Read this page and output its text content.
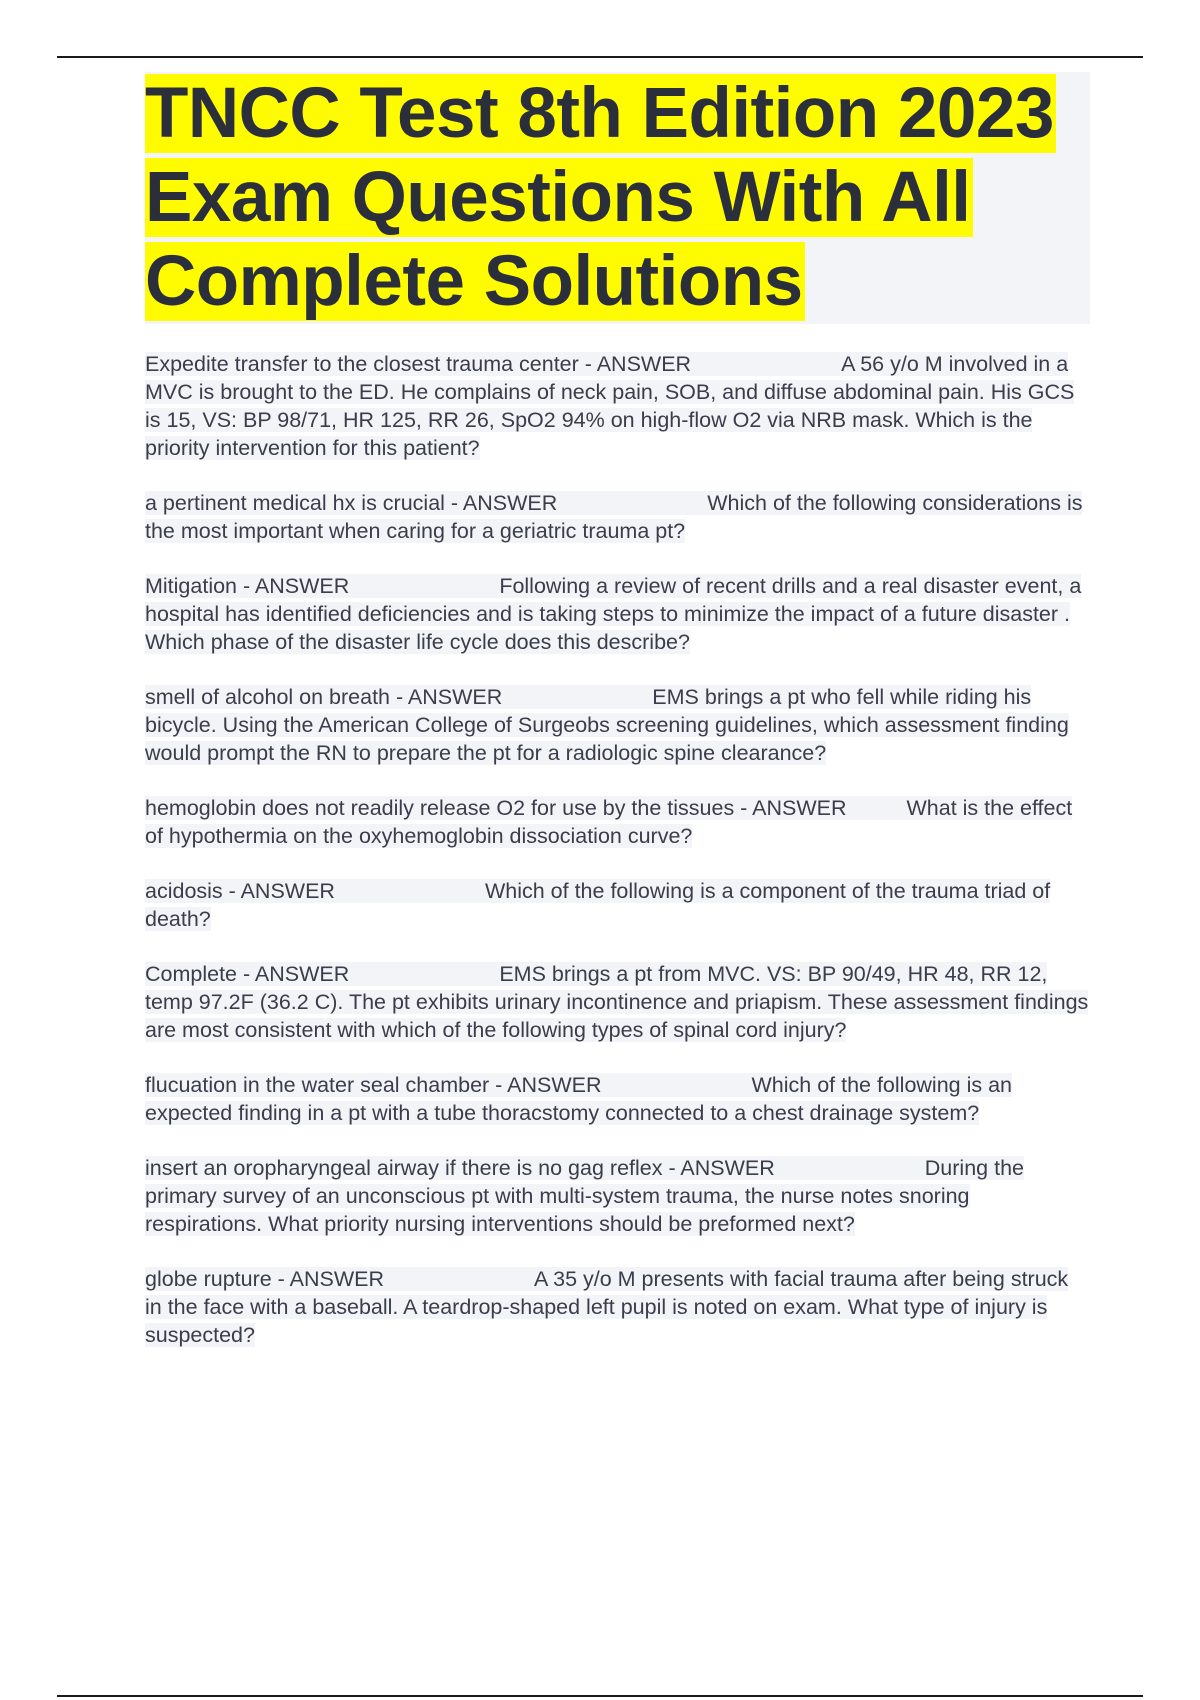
TNCC Test 8th Edition 2023 Exam Questions With All Complete Solutions

Expedite transfer to the closest trauma center - ANSWER	A 56 y/o M involved in a MVC is brought to the ED. He complains of neck pain, SOB, and diffuse abdominal pain. His GCS is 15, VS: BP 98/71, HR 125, RR 26, SpO2 94% on high-flow O2 via NRB mask. Which is the priority intervention for this patient?

a pertinent medical hx is crucial - ANSWER	Which of the following considerations is the most important when caring for a geriatric trauma pt?

Mitigation - ANSWER	Following a review of recent drills and a real disaster event, a hospital has identified deficiencies and is taking steps to minimize the impact of a future disaster . Which phase of the disaster life cycle does this describe?

smell of alcohol on breath - ANSWER	EMS brings a pt who fell while riding his bicycle. Using the American College of Surgeobs screening guidelines, which assessment finding would prompt the RN to prepare the pt for a radiologic spine clearance?

hemoglobin does not readily release O2 for use by the tissues - ANSWER	What is the effect of hypothermia on the oxyhemoglobin dissociation curve?

acidosis - ANSWER	Which of the following is a component of the trauma triad of death?

Complete - ANSWER	EMS brings a pt from MVC. VS: BP 90/49, HR 48, RR 12, temp 97.2F (36.2 C). The pt exhibits urinary incontinence and priapism. These assessment findings are most consistent with which of the following types of spinal cord injury?

flucuation in the water seal chamber - ANSWER	Which of the following is an expected finding in a pt with a tube thoracstomy connected to a chest drainage system?

insert an oropharyngeal airway if there is no gag reflex - ANSWER	During the primary survey of an unconscious pt with multi-system trauma, the nurse notes snoring respirations. What priority nursing interventions should be preformed next?

globe rupture - ANSWER	A 35 y/o M presents with facial trauma after being struck in the face with a baseball. A teardrop-shaped left pupil is noted on exam. What type of injury is suspected?
